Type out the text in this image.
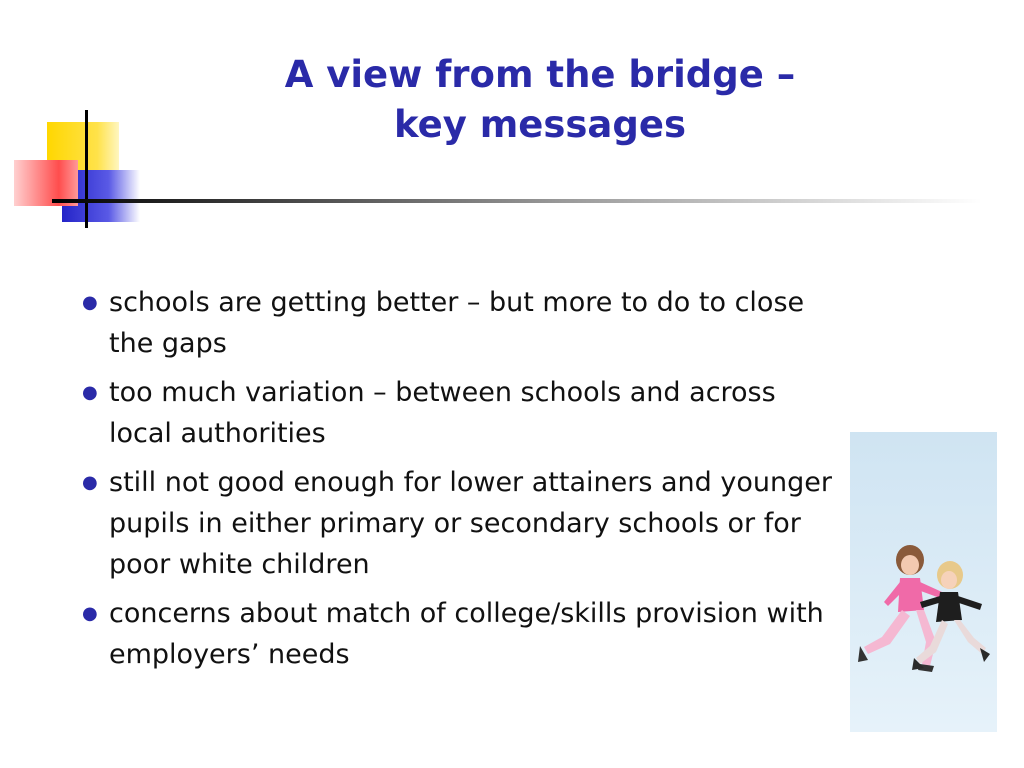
A view from the bridge –
key messages
● schools are getting better – but more to do to close the gaps
● too much variation – between schools and across local authorities
● still not good enough for lower attainers and younger pupils in either primary or secondary schools or for poor white children
● concerns about match of college/skills provision with employers’ needs
